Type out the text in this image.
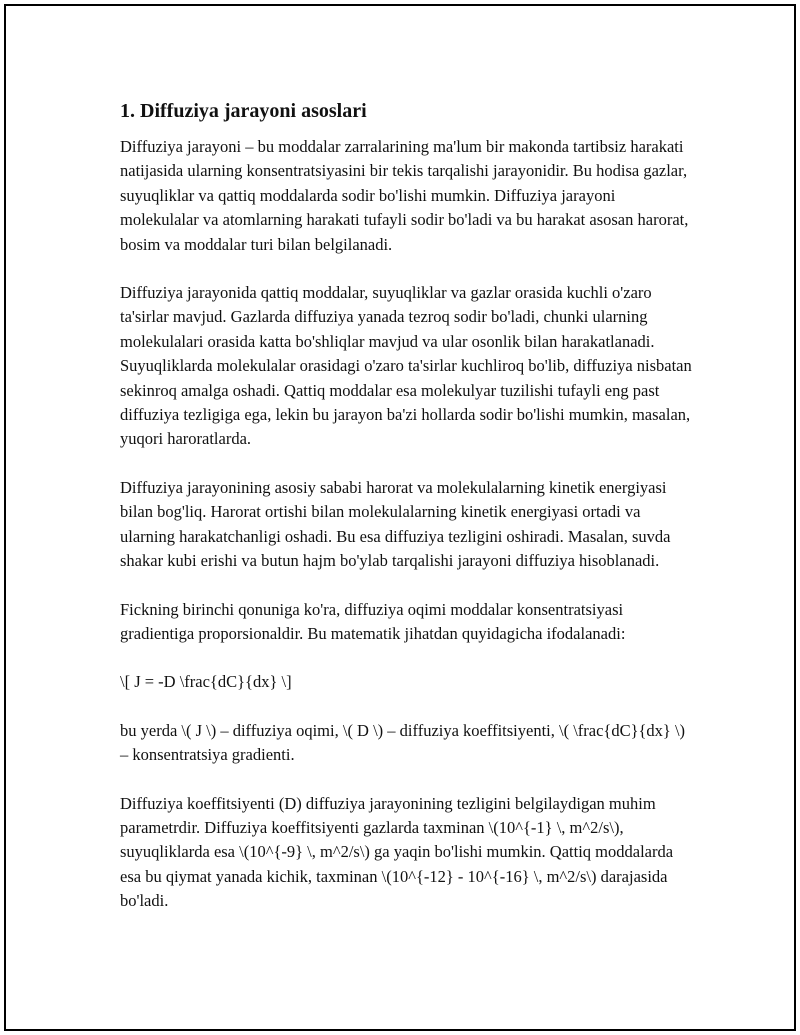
1. Diffuziya jarayoni asoslari

Diffuziya jarayoni – bu moddalar zarralarining ma'lum bir makonda tartibsiz harakati natijasida ularning konsentratsiyasini bir tekis tarqalishi jarayonidir. Bu hodisa gazlar, suyuqliklar va qattiq moddalarda sodir bo'lishi mumkin. Diffuziya jarayoni molekulalar va atomlarning harakati tufayli sodir bo'ladi va bu harakat asosan harorat, bosim va moddalar turi bilan belgilanadi.

Diffuziya jarayonida qattiq moddalar, suyuqliklar va gazlar orasida kuchli o'zaro ta'sirlar mavjud. Gazlarda diffuziya yanada tezroq sodir bo'ladi, chunki ularning molekulalari orasida katta bo'shliqlar mavjud va ular osonlik bilan harakatlanadi. Suyuqliklarda molekulalar orasidagi o'zaro ta'sirlar kuchliroq bo'lib, diffuziya nisbatan sekinroq amalga oshadi. Qattiq moddalar esa molekulyar tuzilishi tufayli eng past diffuziya tezligiga ega, lekin bu jarayon ba'zi hollarda sodir bo'lishi mumkin, masalan, yuqori haroratlarda.

Diffuziya jarayonining asosiy sababi harorat va molekulalarning kinetik energiyasi bilan bog'liq. Harorat ortishi bilan molekulalarning kinetik energiyasi ortadi va ularning harakatchanligi oshadi. Bu esa diffuziya tezligini oshiradi. Masalan, suvda shakar kubi erishi va butun hajm bo'ylab tarqalishi jarayoni diffuziya hisoblanadi.

Fickning birinchi qonuniga ko'ra, diffuziya oqimi moddalar konsentratsiyasi gradientiga proporsionaldir. Bu matematik jihatdan quyidagicha ifodalanadi:

\[ J = -D \frac{dC}{dx} \]

bu yerda \( J \) – diffuziya oqimi, \( D \) – diffuziya koeffitsiyenti, \( \frac{dC}{dx} \) – konsentratsiya gradienti.

Diffuziya koeffitsiyenti (D) diffuziya jarayonining tezligini belgilaydigan muhim parametrdir. Diffuziya koeffitsiyenti gazlarda taxminan \(10^{-1} \, m^2/s\), suyuqliklarda esa \(10^{-9} \, m^2/s\) ga yaqin bo'lishi mumkin. Qattiq moddalarda esa bu qiymat yanada kichik, taxminan \(10^{-12} - 10^{-16} \, m^2/s\) darajasida bo'ladi.
